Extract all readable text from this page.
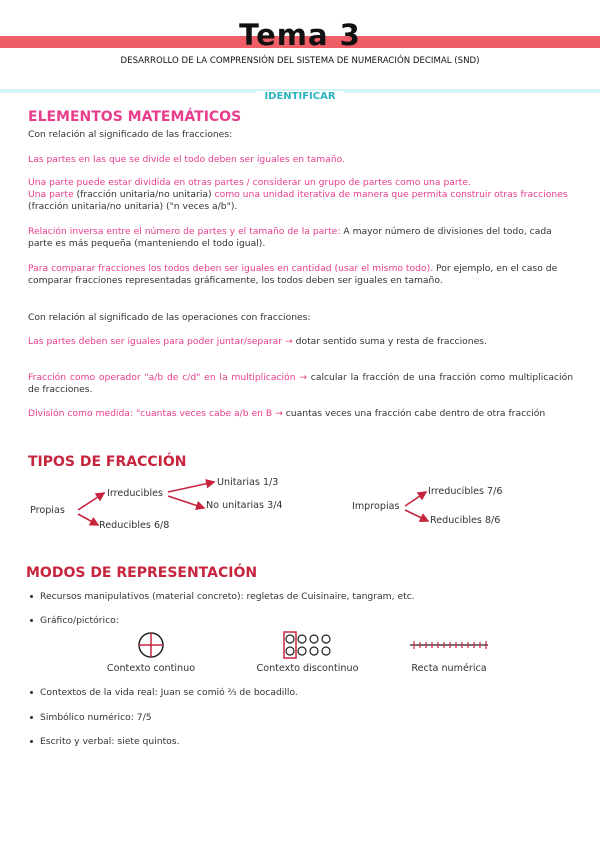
Tema 3
DESARROLLO DE LA COMPRENSIÓN DEL SISTEMA DE NUMERACIÓN DECIMAL (SND)
IDENTIFICAR
ELEMENTOS MATEMÁTICOS

Con relación al significado de las fracciones:

Las partes en las que se divide el todo deben ser iguales en tamaño.

Una parte puede estar dividida en otras partes / considerar un grupo de partes como una parte.

Una parte (fracción unitaria/no unitaria) como una unidad iterativa de manera que permita construir otras fracciones (fracción unitaria/no unitaria) ("n veces a/b").

Relación inversa entre el número de partes y el tamaño de la parte: A mayor número de divisiones del todo, cada parte es más pequeña (manteniendo el todo igual).

Para comparar fracciones los todos deben ser iguales en cantidad (usar el mismo todo). Por ejemplo, en el caso de comparar fracciones representadas gráficamente, los todos deben ser iguales en tamaño.

Con relación al significado de las operaciones con fracciones:

Las partes deben ser iguales para poder juntar/separar → dotar sentido suma y resta de fracciones.

Fracción como operador "a/b de c/d" en la multiplicación → calcular la fracción de una fracción como multiplicación de fracciones.

División como medida: "cuantas veces cabe a/b en B → cuantas veces una fracción cabe dentro de otra fracción

TIPOS DE FRACCIÓN
Propias
Irreducibles
Unitarias 1/3
No unitarias 3/4
Reducibles 6/8
Impropias
Irreducibles 7/6
Reducibles 8/6
MODOS DE REPRESENTACIÓN
Recursos manipulativos (material concreto): regletas de Cuisinaire, tangram, etc.
Gráfico/pictórico:
Contexto continuo	Contexto discontinuo	Recta numérica
Contextos de la vida real: Juan se comió ⅔ de bocadillo.
Simbólico numérico: 7/5
Escrito y verbal: siete quintos.
